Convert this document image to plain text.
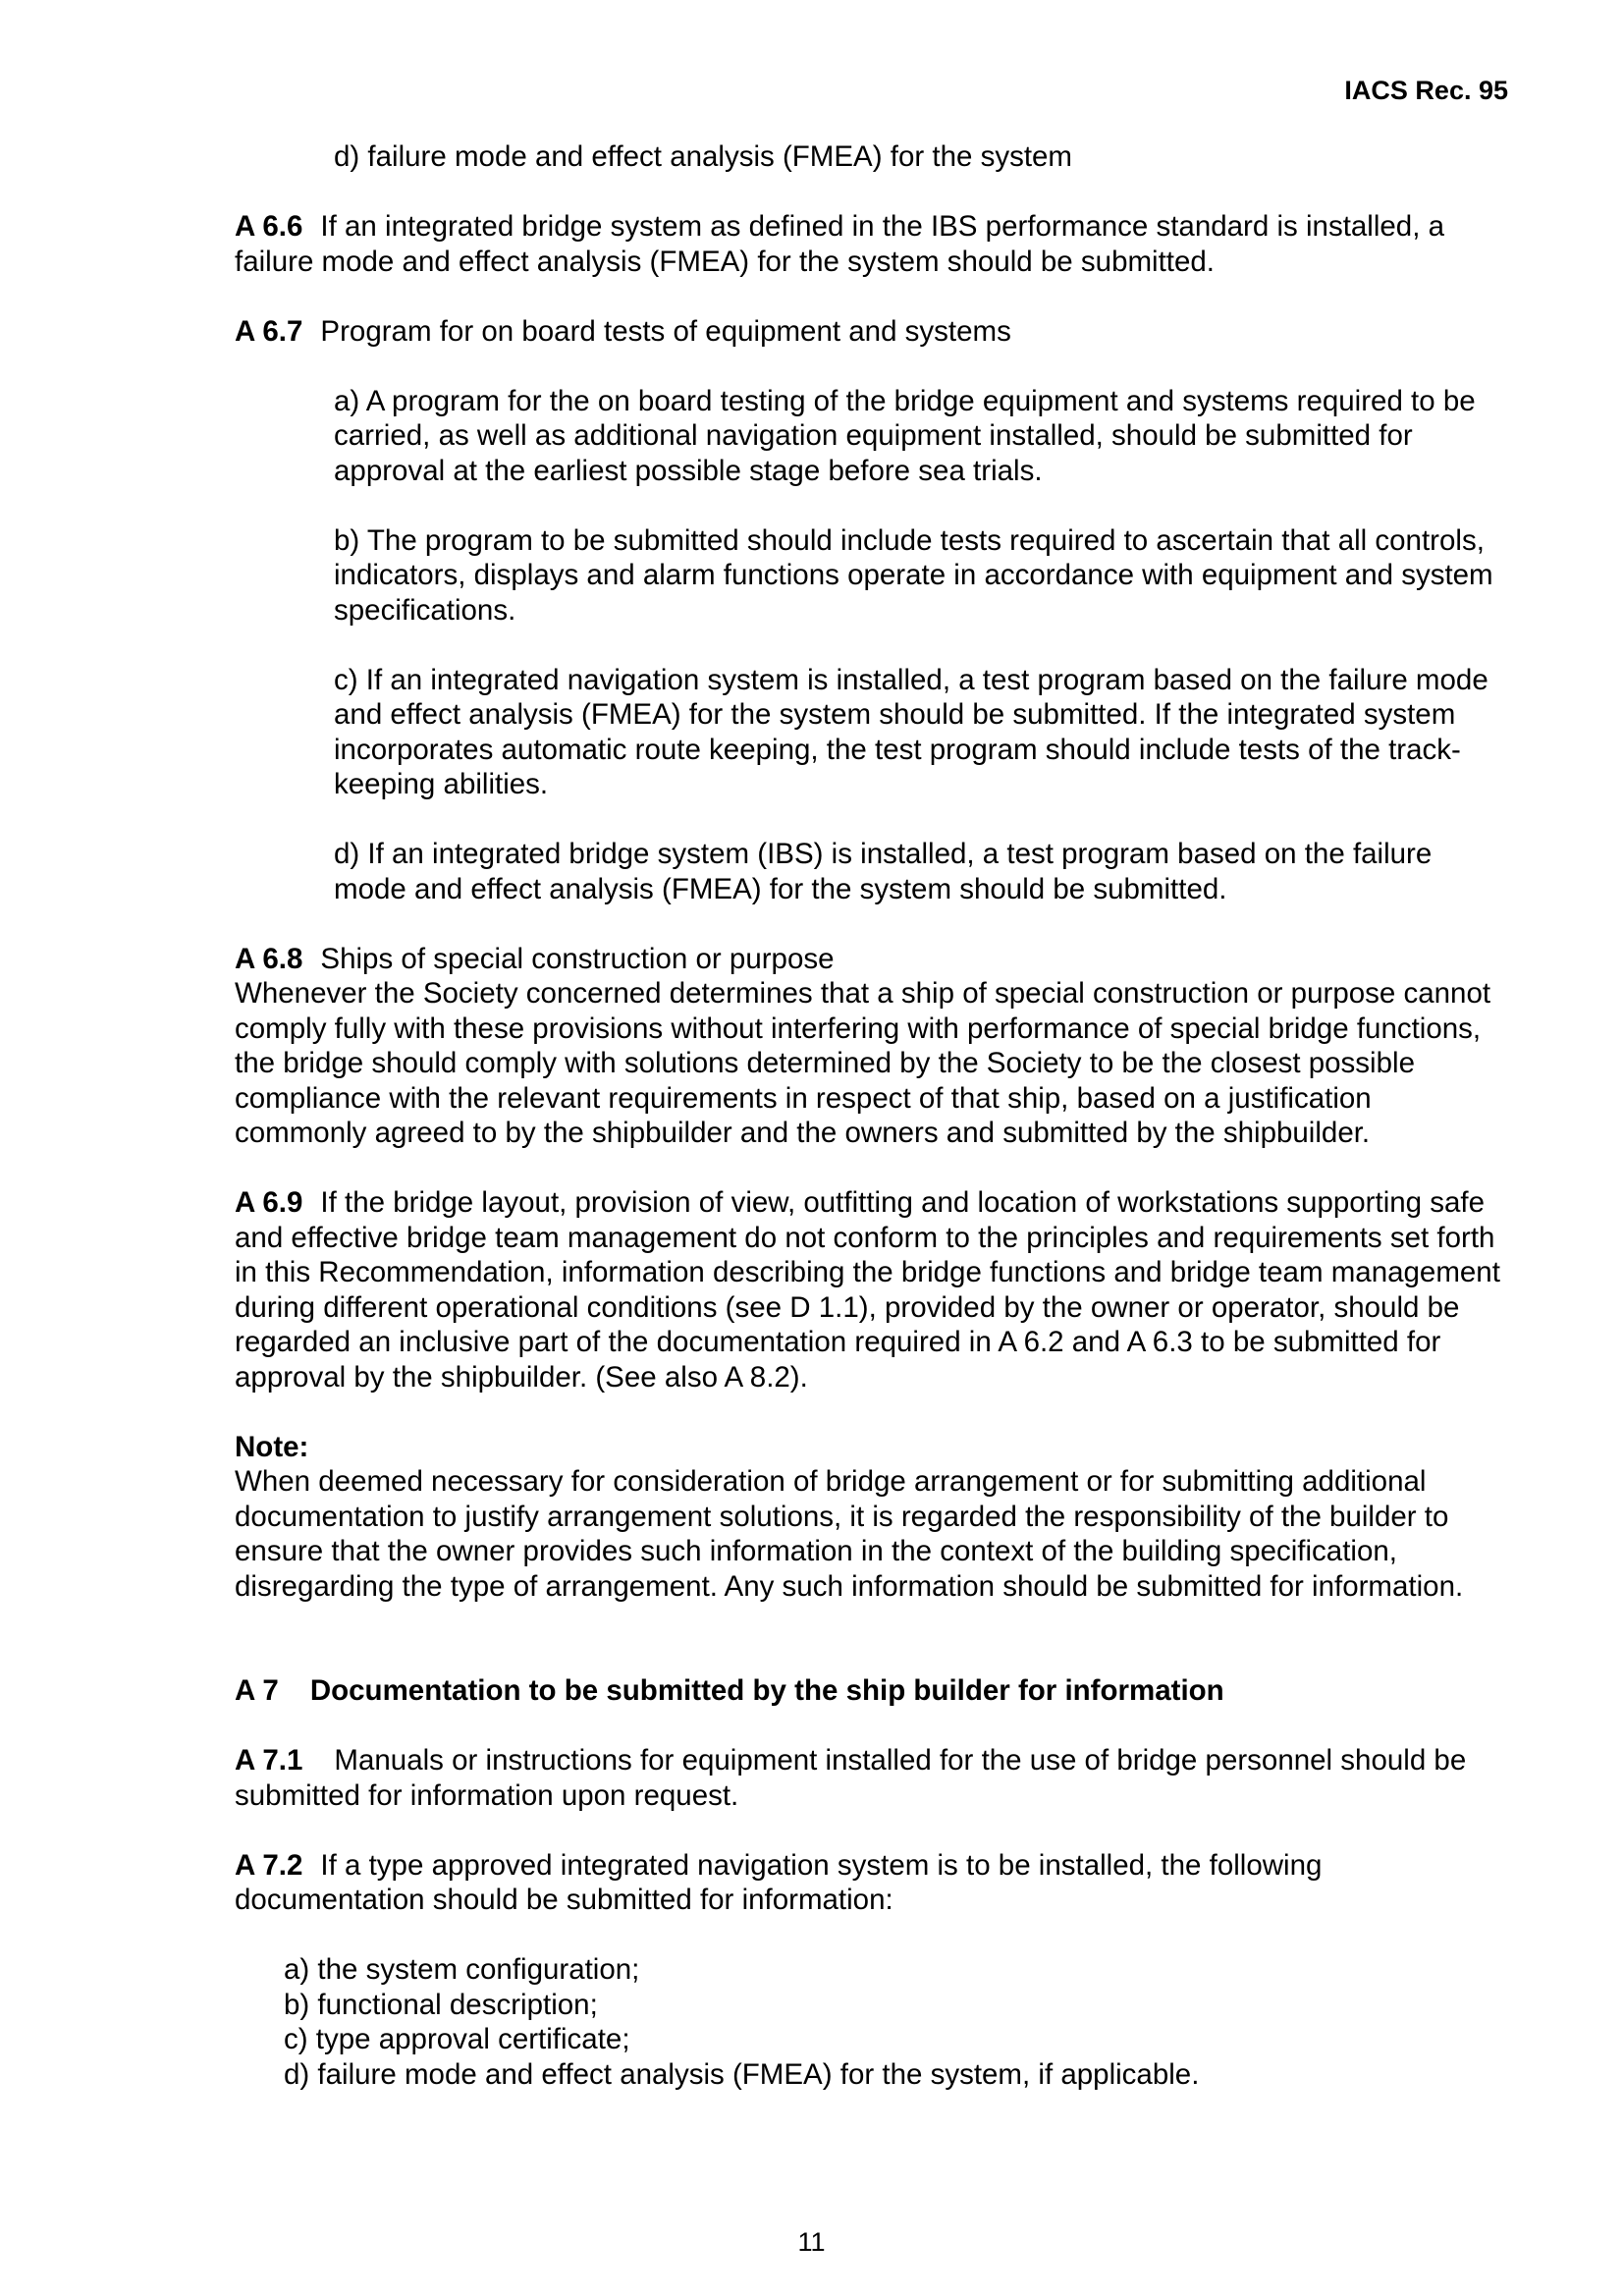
IACS Rec. 95

d) failure mode and effect analysis (FMEA) for the system

A 6.6 If an integrated bridge system as defined in the IBS performance standard is installed, a failure mode and effect analysis (FMEA) for the system should be submitted.

A 6.7 Program for on board tests of equipment and systems

a) A program for the on board testing of the bridge equipment and systems required to be carried, as well as additional navigation equipment installed, should be submitted for approval at the earliest possible stage before sea trials.

b) The program to be submitted should include tests required to ascertain that all controls, indicators, displays and alarm functions operate in accordance with equipment and system specifications.

c) If an integrated navigation system is installed, a test program based on the failure mode and effect analysis (FMEA) for the system should be submitted. If the integrated system incorporates automatic route keeping, the test program should include tests of the track-keeping abilities.

d) If an integrated bridge system (IBS) is installed, a test program based on the failure mode and effect analysis (FMEA) for the system should be submitted.

A 6.8 Ships of special construction or purpose

Whenever the Society concerned determines that a ship of special construction or purpose cannot comply fully with these provisions without interfering with performance of special bridge functions, the bridge should comply with solutions determined by the Society to be the closest possible compliance with the relevant requirements in respect of that ship, based on a justification commonly agreed to by the shipbuilder and the owners and submitted by the shipbuilder.

A 6.9 If the bridge layout, provision of view, outfitting and location of workstations supporting safe and effective bridge team management do not conform to the principles and requirements set forth in this Recommendation, information describing the bridge functions and bridge team management during different operational conditions (see D 1.1), provided by the owner or operator, should be regarded an inclusive part of the documentation required in A 6.2 and A 6.3 to be submitted for approval by the shipbuilder. (See also A 8.2).

Note:

When deemed necessary for consideration of bridge arrangement or for submitting additional documentation to justify arrangement solutions, it is regarded the responsibility of the builder to ensure that the owner provides such information in the context of the building specification, disregarding the type of arrangement. Any such information should be submitted for information.

A 7 Documentation to be submitted by the ship builder for information

A 7.1 Manuals or instructions for equipment installed for the use of bridge personnel should be submitted for information upon request.

A 7.2 If a type approved integrated navigation system is to be installed, the following documentation should be submitted for information:

a) the system configuration;

b) functional description;

c) type approval certificate;

d) failure mode and effect analysis (FMEA) for the system, if applicable.

11
